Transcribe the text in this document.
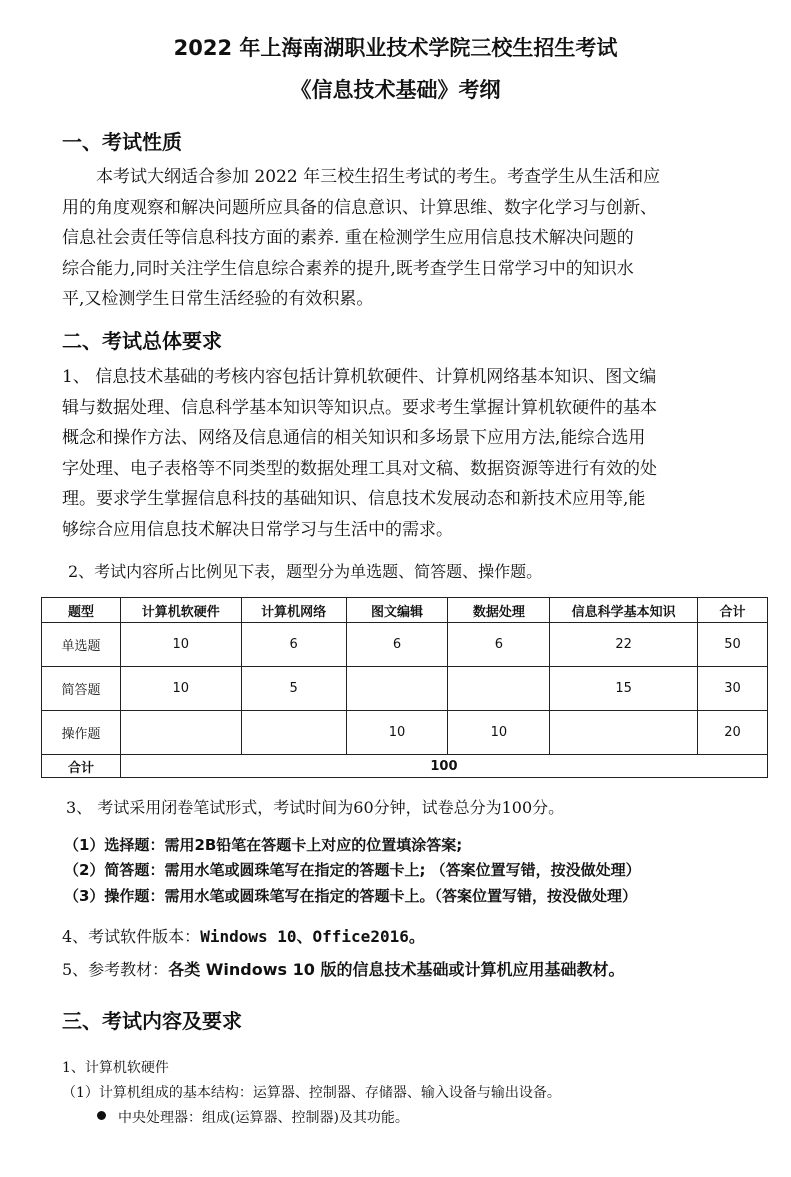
2022 年上海南湖职业技术学院三校生招生考试
《信息技术基础》考纲
一、考试性质
本考试大纲适合参加 2022 年三校生招生考试的考生。考查学生从生活和应
用的角度观察和解决问题所应具备的信息意识、计算思维、数字化学习与创新、
信息社会责任等信息科技方面的素养. 重在检测学生应用信息技术解决问题的
综合能力,同时关注学生信息综合素养的提升,既考查学生日常学习中的知识水
平,又检测学生日常生活经验的有效积累。
二、考试总体要求
1、 信息技术基础的考核内容包括计算机软硬件、计算机网络基本知识、图文编
辑与数据处理、信息科学基本知识等知识点。要求考生掌握计算机软硬件的基本
概念和操作方法、网络及信息通信的相关知识和多场景下应用方法,能综合选用
字处理、电子表格等不同类型的数据处理工具对文稿、数据资源等进行有效的处
理。要求学生掌握信息科技的基础知识、信息技术发展动态和新技术应用等,能
够综合应用信息技术解决日常学习与生活中的需求。
2、考试内容所占比例见下表，题型分为单选题、简答题、操作题。
题型	计算机软硬件	计算机网络	图文编辑	数据处理	信息科学基本知识	合计
单选题	10	6	6	6	22	50
简答题	10	5			15	30
操作题			10	10		20
合计	100					
3、 考试采用闭卷笔试形式，考试时间为60分钟，试卷总分为100分。
（1）选择题：需用2B铅笔在答题卡上对应的位置填涂答案;
（2）简答题：需用水笔或圆珠笔写在指定的答题卡上; （答案位置写错，按没做处理）
（3）操作题：需用水笔或圆珠笔写在指定的答题卡上。（答案位置写错，按没做处理）
4、考试软件版本：Windows 10、Office2016。
5、参考教材：各类 Windows 10 版的信息技术基础或计算机应用基础教材。
三、考试内容及要求
1、计算机软硬件
（1）计算机组成的基本结构：运算器、控制器、存储器、输入设备与输出设备。
中央处理器：组成(运算器、控制器)及其功能。
